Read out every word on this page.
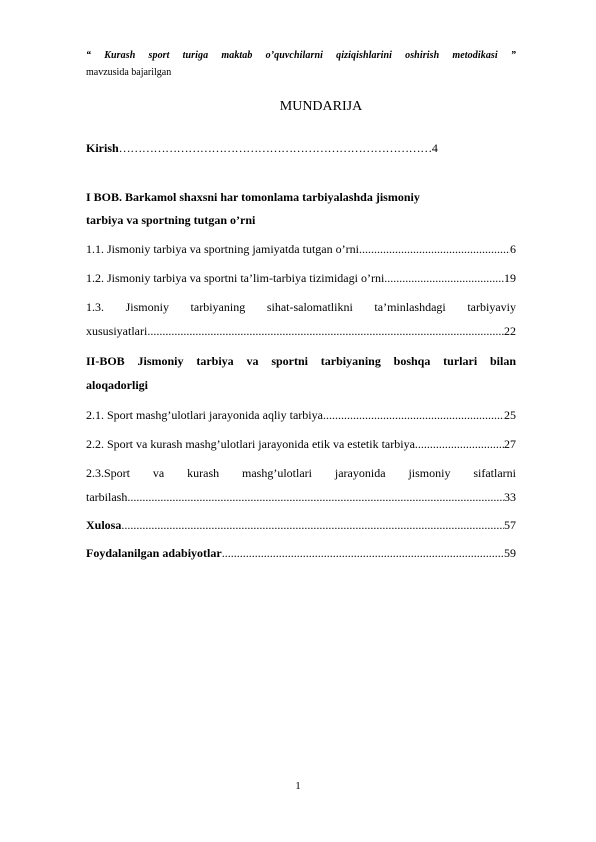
“ Kurash sport turiga maktab o’quvchilarni qiziqishlarini oshirish metodikasi ”
mavzusida bajarilgan
MUNDARIJA
Kirish ……………………………………………………………………… 4
I BOB. Barkamol shaxsni har tomonlama tarbiyalashda jismoniy
tarbiya va sportning tutgan o’rni
1.1. Jismoniy tarbiya va sportning jamiyatda tutgan o’rni .....	6
1.2. Jismoniy tarbiya va sportni ta’lim-tarbiya tizimidagi o’rni .....	19
1.3. Jismoniy tarbiyaning sihat-salomatlikni ta’minlashdagi tarbiyaviy
xususiyatlari .....	22
II-BOB Jismoniy tarbiya va sportni tarbiyaning boshqa turlari bilan
aloqadorligi
2.1. Sport mashg’ulotlari jarayonida aqliy tarbiya .....	25
2.2. Sport va kurash mashg’ulotlari jarayonida etik va estetik tarbiya .....	27
2.3.Sport va kurash mashg’ulotlari jarayonida jismoniy sifatlarni
tarbilash .....	33
Xulosa .....	57
Foydalanilgan adabiyotlar .....	59
1
